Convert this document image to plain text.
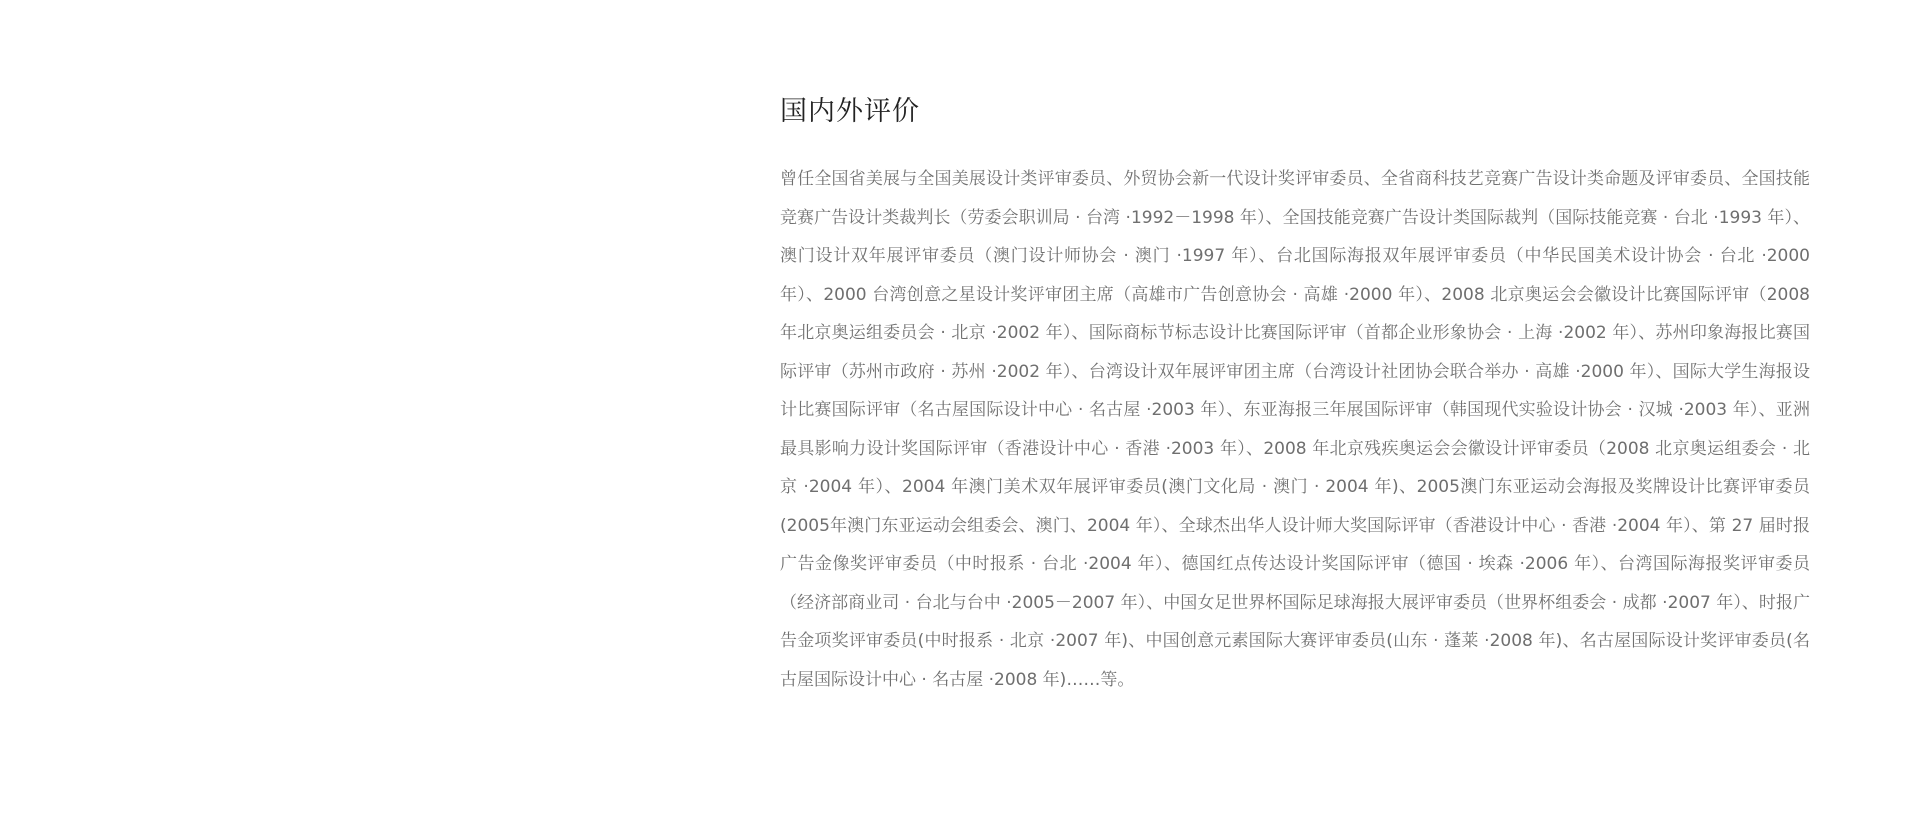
国内外评价

曾任全国省美展与全国美展设计类评审委员、外贸协会新一代设计奖评审委员、全省商科技艺竞赛广告设计类命题及评审委员、全国技能竞赛广告设计类裁判长（劳委会职训局 · 台湾 ·1992－1998 年）、全国技能竞赛广告设计类国际裁判（国际技能竞赛 · 台北 ·1993 年）、澳门设计双年展评审委员（澳门设计师协会 · 澳门 ·1997 年）、台北国际海报双年展评审委员（中华民国美术设计协会 · 台北 ·2000 年）、2000 台湾创意之星设计奖评审团主席（高雄市广告创意协会 · 高雄 ·2000 年）、2008 北京奥运会会徽设计比赛国际评审（2008 年北京奥运组委员会 · 北京 ·2002 年）、国际商标节标志设计比赛国际评审（首都企业形象协会 · 上海 ·2002 年）、苏州印象海报比赛国际评审（苏州市政府 · 苏州 ·2002 年）、台湾设计双年展评审团主席（台湾设计社团协会联合举办 · 高雄 ·2000 年）、国际大学生海报设计比赛国际评审（名古屋国际设计中心 · 名古屋 ·2003 年）、东亚海报三年展国际评审（韩国现代实验设计协会 · 汉城 ·2003 年）、亚洲最具影响力设计奖国际评审（香港设计中心 · 香港 ·2003 年）、2008 年北京残疾奥运会会徽设计评审委员（2008 北京奥运组委会 · 北京 ·2004 年）、2004 年澳门美术双年展评审委员(澳门文化局 · 澳门 · 2004 年)、2005澳门东亚运动会海报及奖牌设计比赛评审委员(2005年澳门东亚运动会组委会、澳门、2004 年）、全球杰出华人设计师大奖国际评审（香港设计中心 · 香港 ·2004 年）、第 27 届时报广告金像奖评审委员（中时报系 · 台北 ·2004 年）、德国红点传达设计奖国际评审（德国 · 埃森 ·2006 年）、台湾国际海报奖评审委员（经济部商业司 · 台北与台中 ·2005－2007 年）、中国女足世界杯国际足球海报大展评审委员（世界杯组委会 · 成都 ·2007 年）、时报广告金项奖评审委员(中时报系 · 北京 ·2007 年)、中国创意元素国际大赛评审委员(山东 · 蓬莱 ·2008 年)、名古屋国际设计奖评审委员(名古屋国际设计中心 · 名古屋 ·2008 年)……等。
